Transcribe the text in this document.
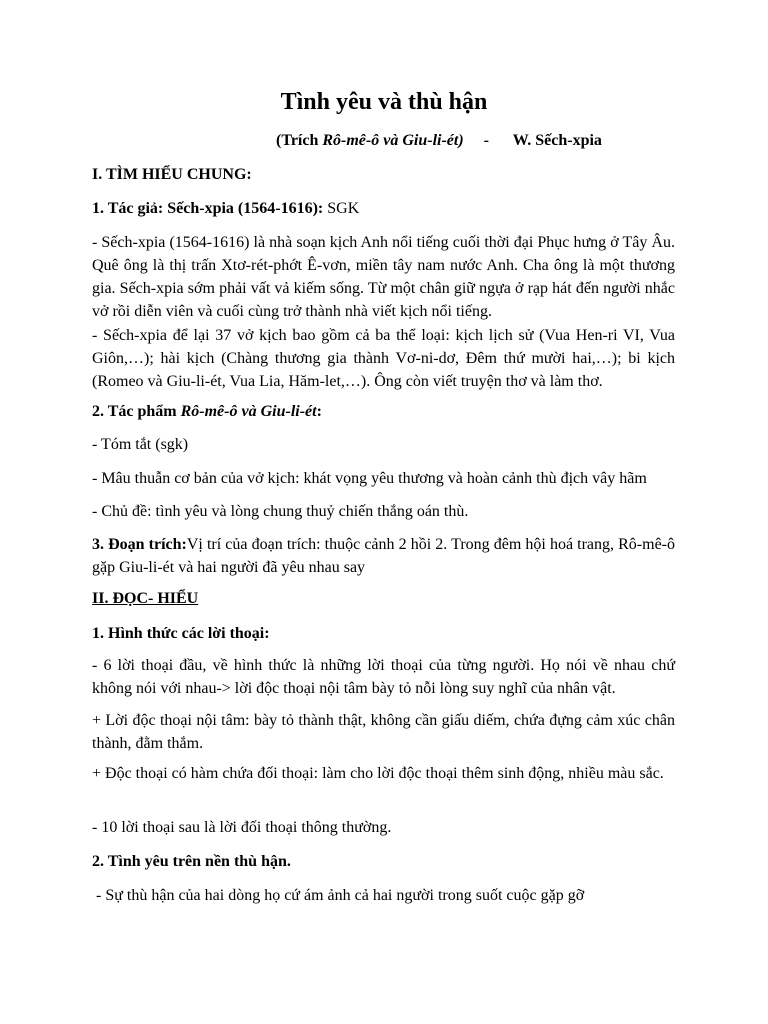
Tình yêu và thù hận
(Trích Rô-mê-ô và Giu-li-ét)     -      W. Sếch-xpia

I. TÌM HIỂU CHUNG:

1. Tác giả: Sếch-xpia (1564-1616): SGK

- Sếch-xpia (1564-1616) là nhà soạn kịch Anh nổi tiếng cuối thời đại Phục hưng ở Tây Âu. Quê ông là thị trấn Xtơ-rét-phớt Ê-vơn, miền tây nam nước Anh. Cha ông là một thương gia. Sếch-xpia sớm phải vất vả kiếm sống. Từ một chân giữ ngựa ở rạp hát đến người nhắc vở rồi diễn viên và cuối cùng trở thành nhà viết kịch nổi tiếng.

- Sếch-xpia để lại 37 vở kịch bao gồm cả ba thể loại: kịch lịch sử (Vua Hen-ri VI, Vua Giôn,…); hài kịch (Chàng thương gia thành Vơ-ni-dơ, Đêm thứ mười hai,…); bi kịch (Romeo và Giu-li-ét, Vua Lia, Hăm-let,…). Ông còn viết truyện thơ và làm thơ.

2. Tác phẩm Rô-mê-ô và Giu-li-ét:

- Tóm tắt (sgk)

- Mâu thuẫn cơ bản của vở kịch: khát vọng yêu thương và hoàn cảnh thù địch vây hãm

- Chủ đề: tình yêu và lòng chung thuỷ chiến thắng oán thù.

3. Đoạn trích:Vị trí của đoạn trích: thuộc cảnh 2 hồi 2. Trong đêm hội hoá trang, Rô-mê-ô gặp Giu-li-ét và hai người đã yêu nhau say

II. ĐỌC- HIỂU

1. Hình thức các lời thoại:

- 6 lời thoại đầu, về hình thức là những lời thoại của từng người. Họ nói về nhau chứ không nói với nhau-> lời độc thoại nội tâm bày tỏ nỗi lòng suy nghĩ của nhân vật.

+ Lời độc thoại nội tâm: bày tỏ thành thật, không cần giấu diếm, chứa đựng cảm xúc chân thành, đằm thắm.

+ Độc thoại có hàm chứa đối thoại: làm cho lời độc thoại thêm sinh động, nhiều màu sắc.

- 10 lời thoại sau là lời đối thoại thông thường.

2. Tình yêu trên nền thù hận.

- Sự thù hận của hai dòng họ cứ ám ảnh cả hai người trong suốt cuộc gặp gỡ
